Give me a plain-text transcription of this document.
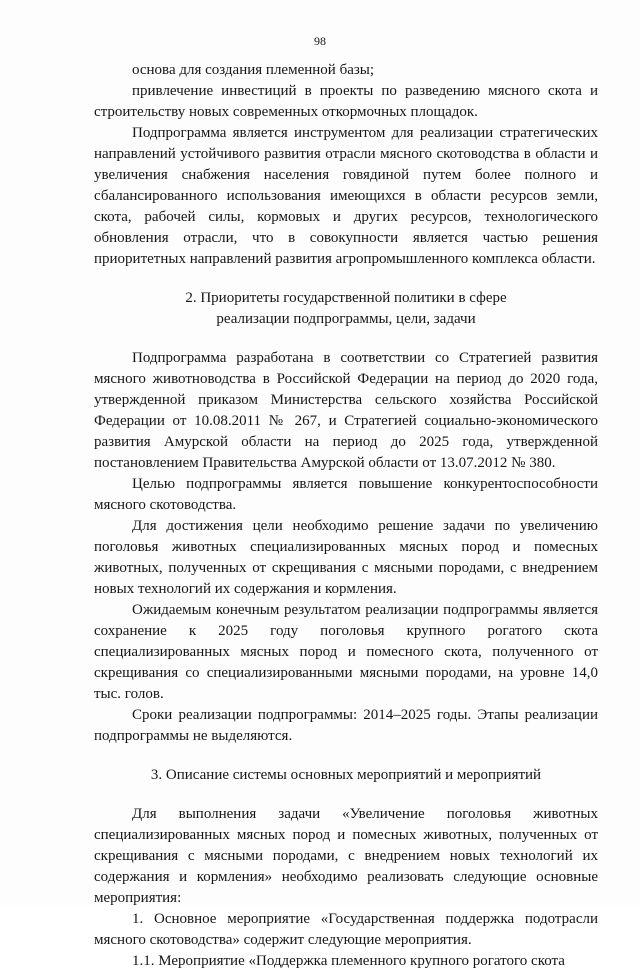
98

основа для создания племенной базы;

привлечение инвестиций в проекты по разведению мясного скота и строительству новых современных откормочных площадок.

Подпрограмма является инструментом для реализации стратегических направлений устойчивого развития отрасли мясного скотоводства в области и увеличения снабжения населения говядиной путем более полного и сбалансированного использования имеющихся в области ресурсов земли, скота, рабочей силы, кормовых и других ресурсов, технологического обновления отрасли, что в совокупности является частью решения приоритетных направлений развития агропромышленного комплекса области.

2. Приоритеты государственной политики в сфере
реализации подпрограммы, цели, задачи

Подпрограмма разработана в соответствии со Стратегией развития мясного животноводства в Российской Федерации на период до 2020 года, утвержденной приказом Министерства сельского хозяйства Российской Федерации от 10.08.2011 № 267, и Стратегией социально-экономического развития Амурской области на период до 2025 года, утвержденной постановлением Правительства Амурской области от 13.07.2012 № 380.

Целью подпрограммы является повышение конкурентоспособности мясного скотоводства.

Для достижения цели необходимо решение задачи по увеличению поголовья животных специализированных мясных пород и помесных животных, полученных от скрещивания с мясными породами, с внедрением новых технологий их содержания и кормления.

Ожидаемым конечным результатом реализации подпрограммы является сохранение к 2025 году поголовья крупного рогатого скота специализированных мясных пород и помесного скота, полученного от скрещивания со специализированными мясными породами, на уровне 14,0 тыс. голов.

Сроки реализации подпрограммы: 2014–2025 годы. Этапы реализации подпрограммы не выделяются.

3. Описание системы основных мероприятий и мероприятий

Для выполнения задачи «Увеличение поголовья животных специализированных мясных пород и помесных животных, полученных от скрещивания с мясными породами, с внедрением новых технологий их содержания и кормления» необходимо реализовать следующие основные мероприятия:

1. Основное мероприятие «Государственная поддержка подотрасли мясного скотоводства» содержит следующие мероприятия.

1.1. Мероприятие «Поддержка племенного крупного рогатого скота
